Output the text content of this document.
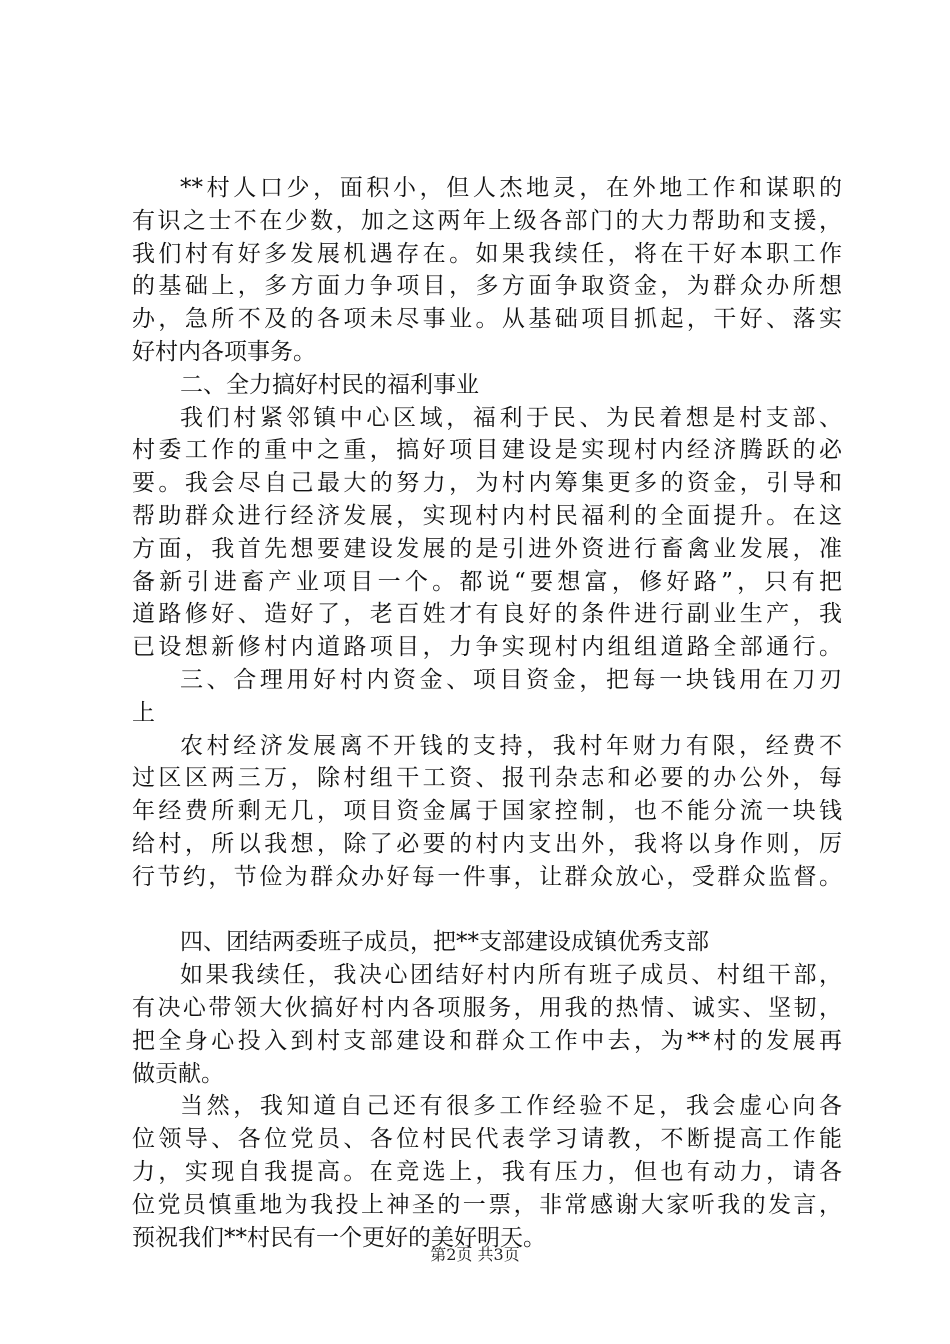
**村人口少，面积小，但人杰地灵，在外地工作和谋职的
有识之士不在少数，加之这两年上级各部门的大力帮助和支援，
我们村有好多发展机遇存在。如果我续任，将在干好本职工作
的基础上，多方面力争项目，多方面争取资金，为群众办所想
办，急所不及的各项未尽事业。从基础项目抓起，干好、落实
好村内各项事务。
二、全力搞好村民的福利事业
我们村紧邻镇中心区域，福利于民、为民着想是村支部、
村委工作的重中之重，搞好项目建设是实现村内经济腾跃的必
要。我会尽自己最大的努力，为村内筹集更多的资金，引导和
帮助群众进行经济发展，实现村内村民福利的全面提升。在这
方面，我首先想要建设发展的是引进外资进行畜禽业发展，准
备新引进畜产业项目一个。都说“要想富，修好路”，只有把
道路修好、造好了，老百姓才有良好的条件进行副业生产，我
已设想新修村内道路项目，力争实现村内组组道路全部通行。
三、合理用好村内资金、项目资金，把每一块钱用在刀刃
上
农村经济发展离不开钱的支持，我村年财力有限，经费不
过区区两三万，除村组干工资、报刊杂志和必要的办公外，每
年经费所剩无几，项目资金属于国家控制，也不能分流一块钱
给村，所以我想，除了必要的村内支出外，我将以身作则，厉
行节约，节俭为群众办好每一件事，让群众放心，受群众监督。
四、团结两委班子成员，把**支部建设成镇优秀支部
如果我续任，我决心团结好村内所有班子成员、村组干部，
有决心带领大伙搞好村内各项服务，用我的热情、诚实、坚韧，
把全身心投入到村支部建设和群众工作中去，为**村的发展再
做贡献。
当然，我知道自己还有很多工作经验不足，我会虚心向各
位领导、各位党员、各位村民代表学习请教，不断提高工作能
力，实现自我提高。在竞选上，我有压力，但也有动力，请各
位党员慎重地为我投上神圣的一票，非常感谢大家听我的发言，
预祝我们**村民有一个更好的美好明天。
第2页 共3页
